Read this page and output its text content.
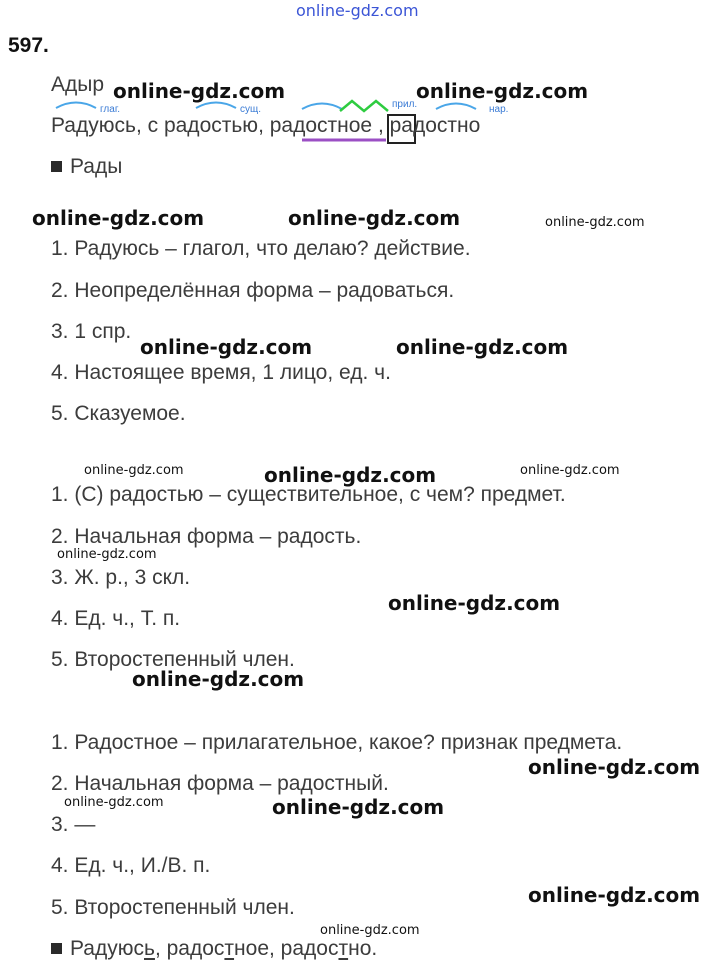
online-gdz.com
597.
Адыр
глаг.	сущ.	прил.	нар.
Радуюсь, с радостью, радостное , радостно
Рады
1. Радуюсь – глагол, что делаю? действие.
2. Неопределённая форма – радоваться.
3. 1 спр.
4. Настоящее время, 1 лицо, ед. ч.
5. Сказуемое.
1. (С) радостью – существительное, с чем? предмет.
2. Начальная форма – радость.
3. Ж. р., 3 скл.
4. Ед. ч., Т. п.
5. Второстепенный член.
1. Радостное – прилагательное, какое? признак предмета.
2. Начальная форма – радостный.
3. —
4. Ед. ч., И./В. п.
5. Второстепенный член.
Радуюсь, радостное, радостно.
online-gdz.com	online-gdz.com
online-gdz.com	online-gdz.com
online-gdz.com	online-gdz.com
online-gdz.com
online-gdz.com
online-gdz.com
online-gdz.com
online-gdz.com
online-gdz.com
online-gdz.com
online-gdz.com	online-gdz.com
online-gdz.com
online-gdz.com
online-gdz.com
